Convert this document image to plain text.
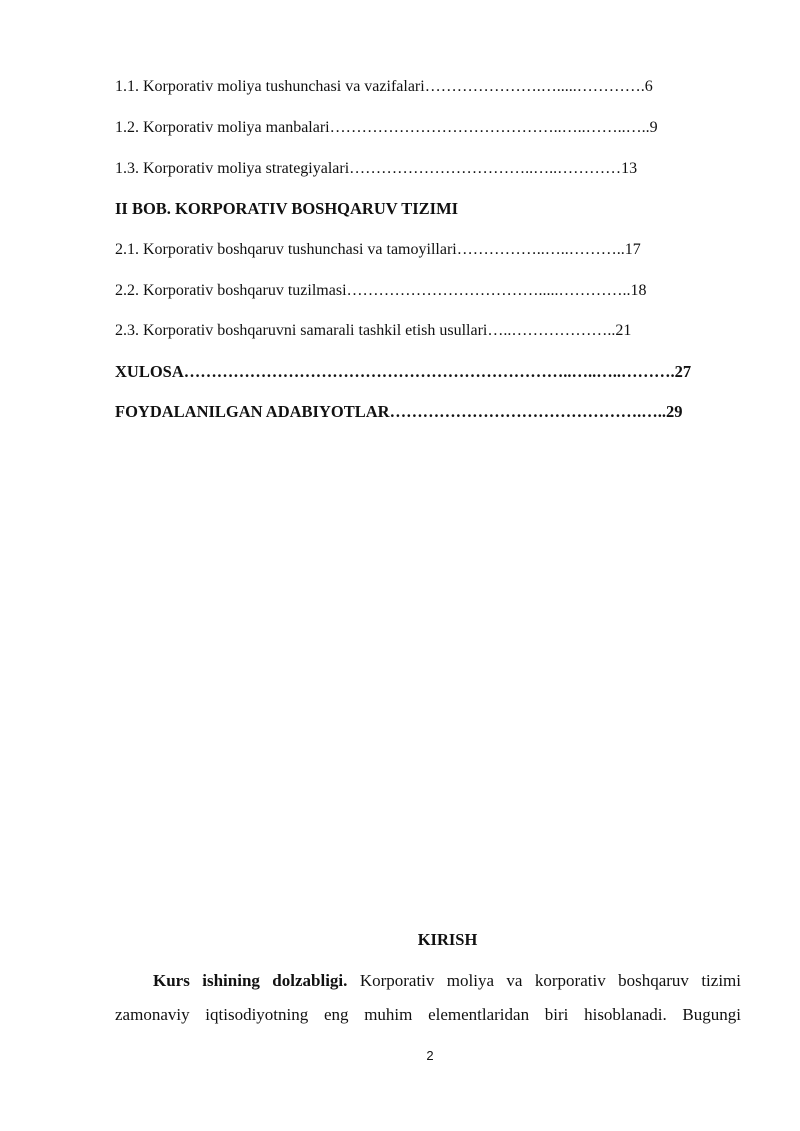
1.1. Korporativ moliya tushunchasi va vazifalari………………….….....………….6
1.2. Korporativ moliya manbalari……………………………………..…..……..…..9
1.3. Korporativ moliya strategiyalari……………………………..…..…………13
II BOB. KORPORATIV BOSHQARUV TIZIMI
2.1. Korporativ boshqaruv tushunchasi va tamoyillari……………..…..………..17
2.2. Korporativ boshqaruv tuzilmasi……………………………….....…………..18
2.3. Korporativ boshqaruvni samarali tashkil etish usullari…..………………..21
XULOSA……………………………………………………………..…..…..……….27
FOYDALANILGAN ADABIYOTLAR……………………………………….…..29
KIRISH
Kurs ishining dolzabligi. Korporativ moliya va korporativ boshqaruv tizimi
zamonaviy iqtisodiyotning eng muhim elementlaridan biri hisoblanadi. Bugungi
2
